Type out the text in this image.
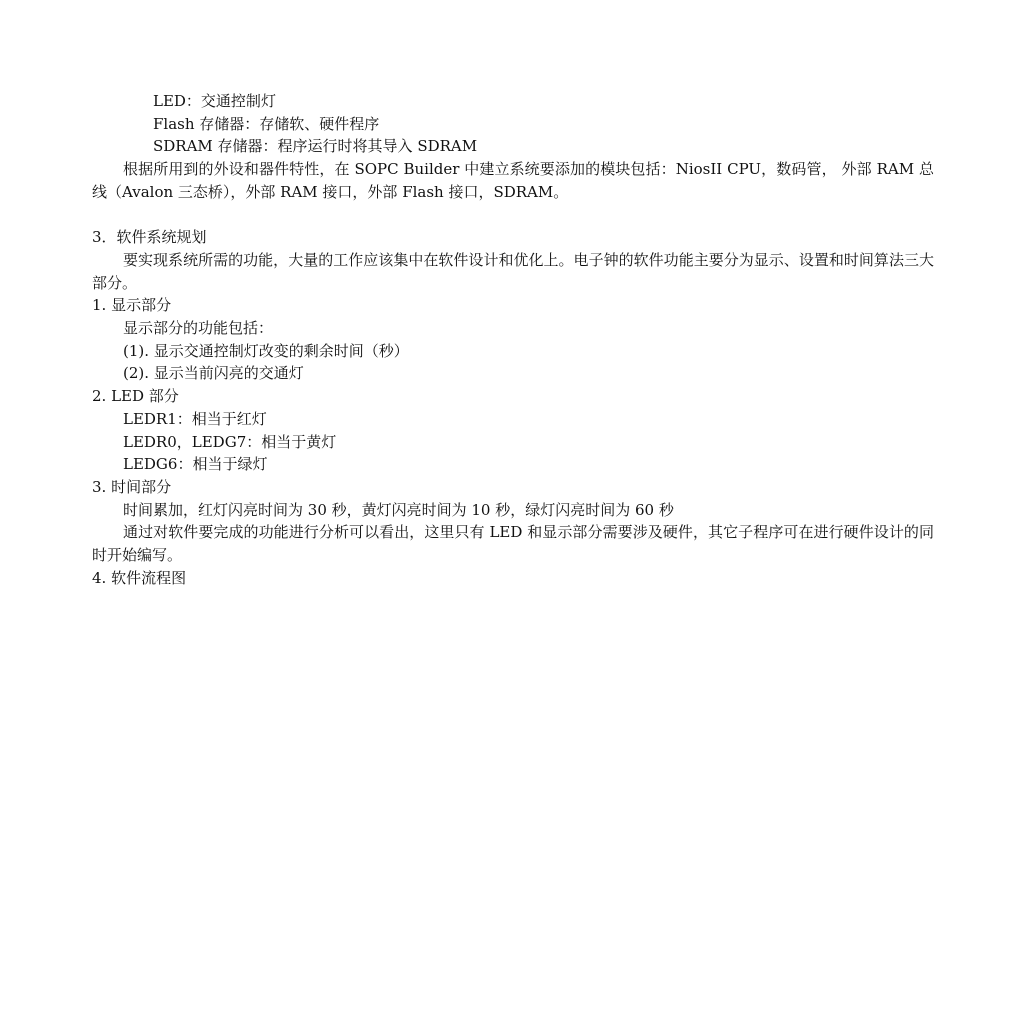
LED：交通控制灯

Flash 存储器：存储软、硬件程序

SDRAM 存储器：程序运行时将其导入 SDRAM

根据所用到的外设和器件特性，在 SOPC Builder 中建立系统要添加的模块包括：NiosII CPU，数码管， 外部 RAM 总线（Avalon 三态桥），外部 RAM 接口，外部 Flash 接口，SDRAM。

3．软件系统规划

要实现系统所需的功能，大量的工作应该集中在软件设计和优化上。电子钟的软件功能主要分为显示、设置和时间算法三大部分。

1. 显示部分

显示部分的功能包括：

(1). 显示交通控制灯改变的剩余时间（秒）

(2). 显示当前闪亮的交通灯

2. LED 部分

LEDR1：相当于红灯

LEDR0，LEDG7：相当于黄灯

LEDG6：相当于绿灯

3. 时间部分

时间累加，红灯闪亮时间为 30 秒，黄灯闪亮时间为 10 秒，绿灯闪亮时间为 60 秒

通过对软件要完成的功能进行分析可以看出，这里只有 LED 和显示部分需要涉及硬件，其它子程序可在进行硬件设计的同时开始编写。

4. 软件流程图
